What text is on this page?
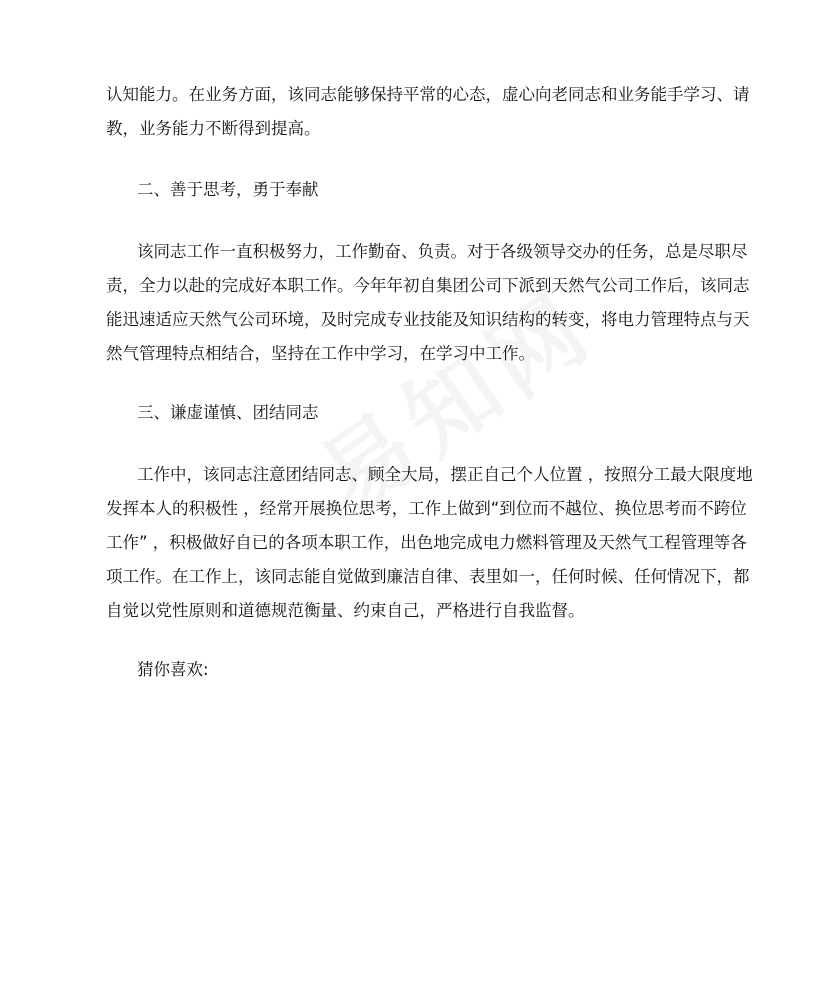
认知能力。在业务方面，该同志能够保持平常的心态，虚心向老同志和业务能手学习、请
教，业务能力不断得到提高。
二、善于思考，勇于奉献
该同志工作一直积极努力，工作勤奋、负责。对于各级领导交办的任务，总是尽职尽
责，全力以赴的完成好本职工作。今年年初自集团公司下派到天然气公司工作后，该同志
能迅速适应天然气公司环境，及时完成专业技能及知识结构的转变，将电力管理特点与天
然气管理特点相结合，坚持在工作中学习，在学习中工作。
三、谦虚谨慎、团结同志
工作中，该同志注意团结同志、顾全大局，摆正自己个人位置 ，按照分工最大限度地
发挥本人的积极性 ，经常开展换位思考，工作上做到“到位而不越位、换位思考而不跨位
工作” ，积极做好自已的各项本职工作，出色地完成电力燃料管理及天然气工程管理等各
项工作。在工作上，该同志能自觉做到廉洁自律、表里如一，任何时候、任何情况下，都
自觉以党性原则和道德规范衡量、约束自己，严格进行自我监督。
猜你喜欢:
